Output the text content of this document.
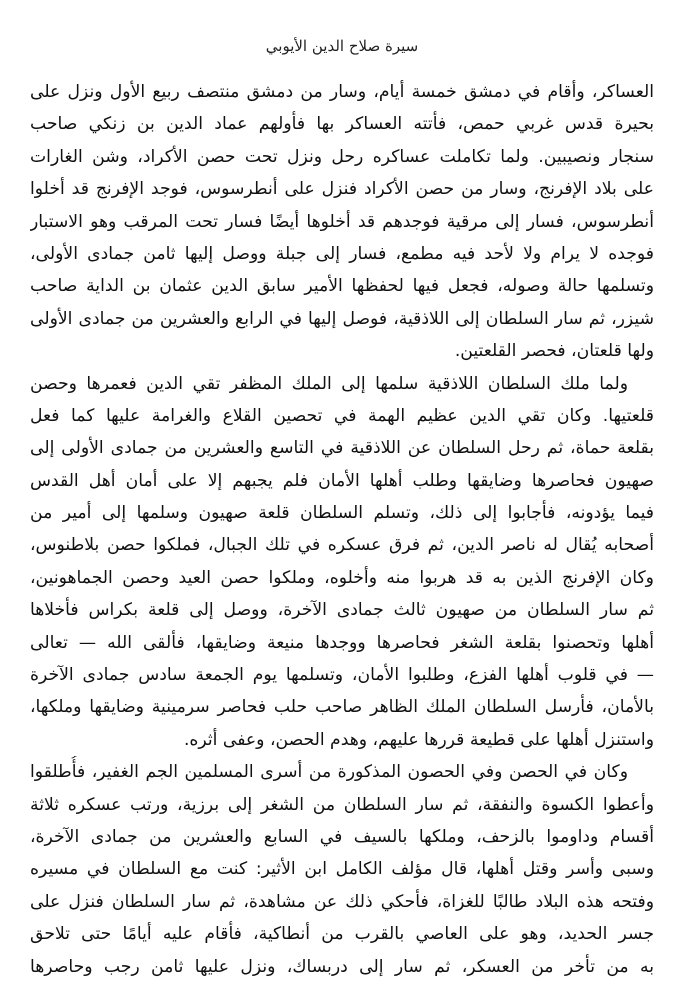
سيرة صلاح الدين الأيوبي

العساكر، وأقام في دمشق خمسة أيام، وسار من دمشق منتصف ربيع الأول ونزل على
بحيرة قدس غربي حمص، فأتته العساكر بها فأولهم عماد الدين بن زنكي صاحب
سنجار ونصيبين. ولما تكاملت عساكره رحل ونزل تحت حصن الأكراد، وشن الغارات
على بلاد الإفرنج، وسار من حصن الأكراد فنزل على أنطرسوس، فوجد الإفرنج قد أخلوا
أنطرسوس، فسار إلى مرقية فوجدهم قد أخلوها أيضًا فسار تحت المرقب وهو الاستبار
فوجده لا يرام ولا لأحد فيه مطمع، فسار إلى جبلة ووصل إليها ثامن جمادى الأولى،
وتسلمها حالة وصوله، فجعل فيها لحفظها الأمير سابق الدين عثمان بن الداية صاحب
شيزر، ثم سار السلطان إلى اللاذقية، فوصل إليها في الرابع والعشرين من جمادى الأولى
ولها قلعتان، فحصر القلعتين.

ولما ملك السلطان اللاذقية سلمها إلى الملك المظفر تقي الدين فعمرها وحصن
قلعتيها. وكان تقي الدين عظيم الهمة في تحصين القلاع والغرامة عليها كما فعل
بقلعة حماة، ثم رحل السلطان عن اللاذقية في التاسع والعشرين من جمادى الأولى إلى
صهيون فحاصرها وضايقها وطلب أهلها الأمان فلم يجبهم إلا على أمان أهل القدس
فيما يؤدونه، فأجابوا إلى ذلك، وتسلم السلطان قلعة صهيون وسلمها إلى أمير من
أصحابه يُقال له ناصر الدين، ثم فرق عسكره في تلك الجبال، فملكوا حصن بلاطنوس،
وكان الإفرنج الذين به قد هربوا منه وأخلوه، وملكوا حصن العيد وحصن الجماهونين،
ثم سار السلطان من صهيون ثالث جمادى الآخرة، ووصل إلى قلعة بكراس فأخلاها
أهلها وتحصنوا بقلعة الشغر فحاصرها ووجدها منيعة وضايقها، فألقى الله — تعالى
— في قلوب أهلها الفزع، وطلبوا الأمان، وتسلمها يوم الجمعة سادس جمادى الآخرة
بالأمان، فأرسل السلطان الملك الظاهر صاحب حلب فحاصر سرمينية وضايقها وملكها،
واستنزل أهلها على قطيعة قررها عليهم، وهدم الحصن، وعفى أثره.

وكان في الحصن وفي الحصون المذكورة من أسرى المسلمين الجم الغفير، فأُطلقوا
وأعطوا الكسوة والنفقة، ثم سار السلطان من الشغر إلى برزية، ورتب عسكره ثلاثة
أقسام وداوموا بالزحف، وملكها بالسيف في السابع والعشرين من جمادى الآخرة،
وسبى وأسر وقتل أهلها، قال مؤلف الكامل ابن الأثير: كنت مع السلطان في مسيره
وفتحه هذه البلاد طالبًا للغزاة، فأحكي ذلك عن مشاهدة، ثم سار السلطان فنزل على
جسر الحديد، وهو على العاصي بالقرب من أنطاكية، فأقام عليه أيامًا حتى تلاحق
به من تأخر من العسكر، ثم سار إلى دربساك، ونزل عليها ثامن رجب وحاصرها
